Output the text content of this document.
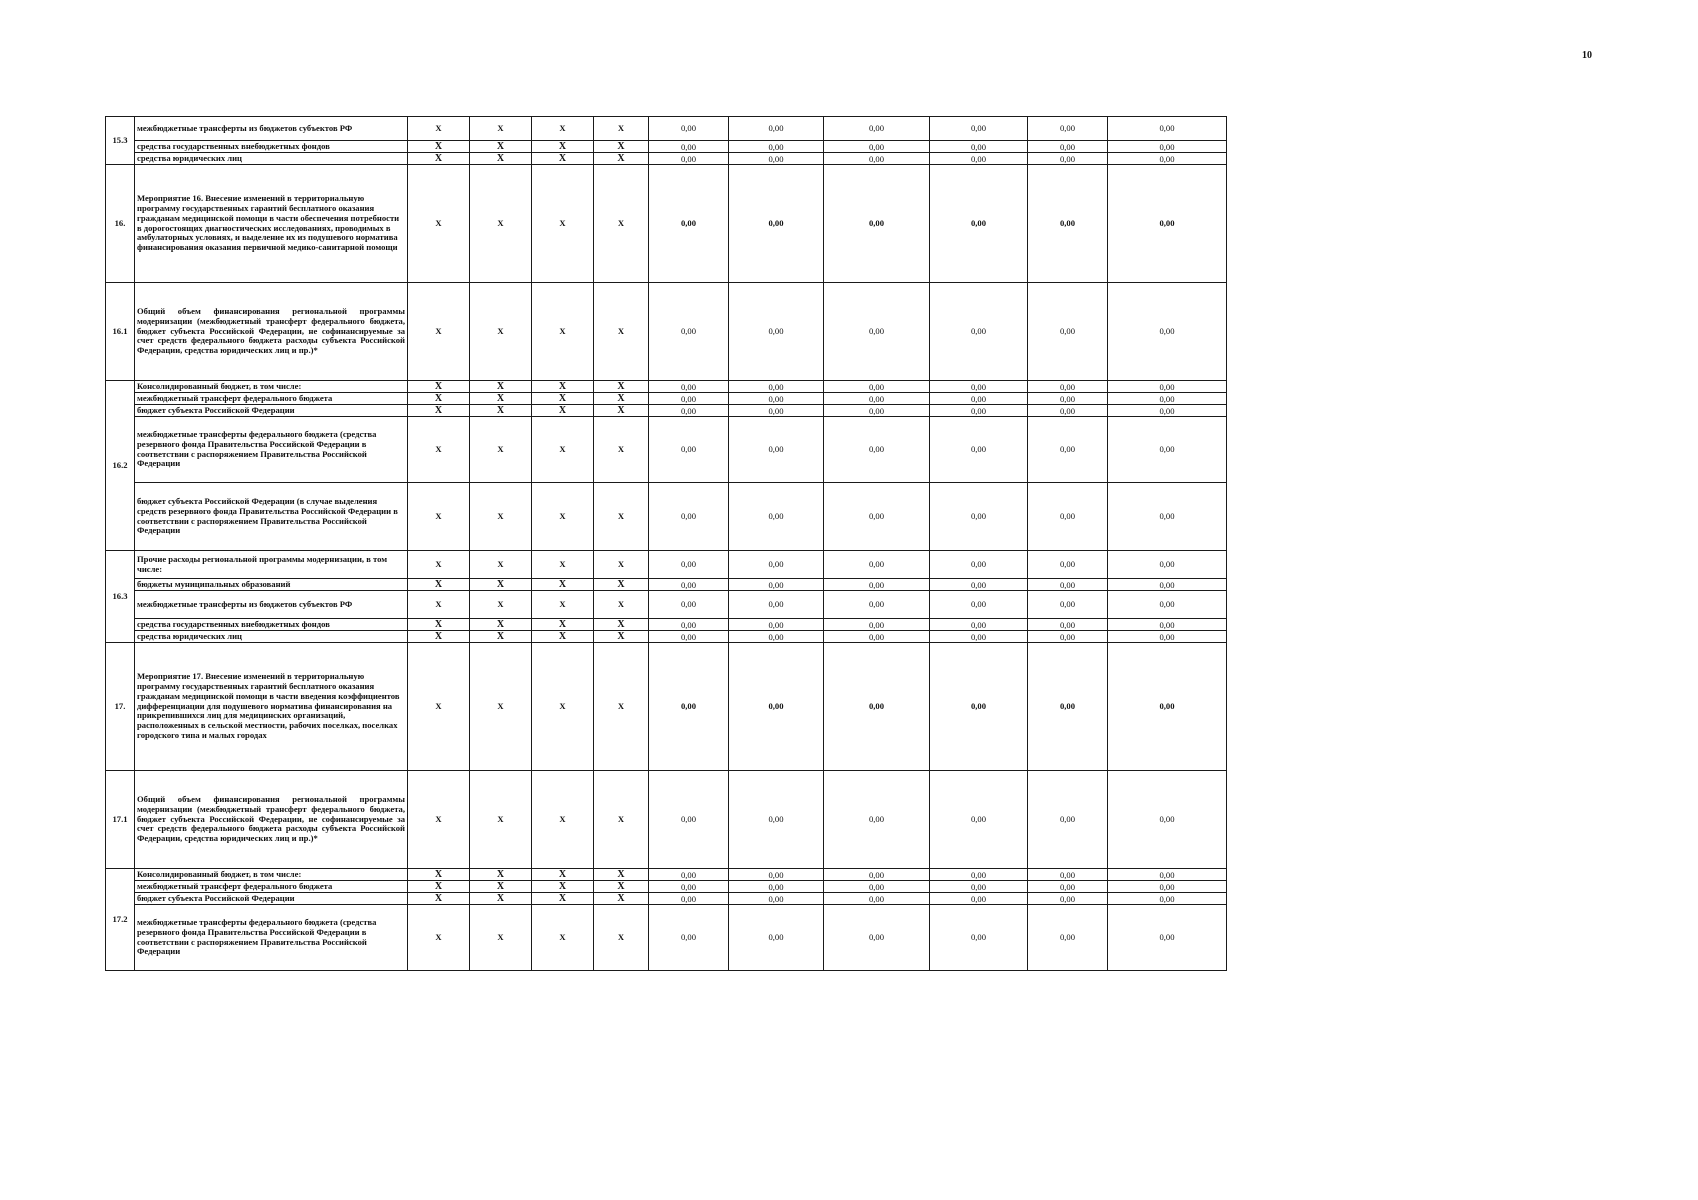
10
15.3	межбюджетные трансферты из бюджетов субъектов РФ	X	X	X	X	0,00	0,00	0,00	0,00	0,00	0,00	
	средства государственных внебюджетных фондов	X	X	X	X	0,00	0,00	0,00	0,00	0,00	0,00	
	средства юридических лиц	X	X	X	X	0,00	0,00	0,00	0,00	0,00	0,00	
16.	Мероприятие 16. Внесение изменений в территориальную программу государственных гарантий бесплатного оказания гражданам медицинской помощи в части обеспечения потребности в дорогостоящих диагностических исследованиях, проводимых в амбулаторных условиях, и выделение их из подушевого норматива финансирования оказания первичной медико-санитарной помощи	X	X	X	X	0,00	0,00	0,00	0,00	0,00	0,00	
16.1	Общий объем финансирования региональной программы модернизации (межбюджетный трансферт федерального бюджета, бюджет субъекта Российской Федерации, не софинансируемые за счет средств федерального бюджета расходы субъекта Российской Федерации, средства юридических лиц и пр.)*	X	X	X	X	0,00	0,00	0,00	0,00	0,00	0,00	
16.2	Консолидированный бюджет, в том числе:	X	X	X	X	0,00	0,00	0,00	0,00	0,00	0,00	
	межбюджетный трансферт федерального бюджета	X	X	X	X	0,00	0,00	0,00	0,00	0,00	0,00	
	бюджет субъекта Российской Федерации	X	X	X	X	0,00	0,00	0,00	0,00	0,00	0,00	
	межбюджетные трансферты федерального бюджета (средства резервного фонда Правительства Российской Федерации в соответствии с распоряжением Правительства Российской Федерации	X	X	X	X	0,00	0,00	0,00	0,00	0,00	0,00	
	бюджет субъекта Российской Федерации (в случае выделения средств резервного фонда Правительства Российской Федерации в соответствии с распоряжением Правительства Российской Федерации	X	X	X	X	0,00	0,00	0,00	0,00	0,00	0,00	
16.3	Прочие расходы региональной программы модернизации, в том числе:	X	X	X	X	0,00	0,00	0,00	0,00	0,00	0,00	
	бюджеты муниципальных образований	X	X	X	X	0,00	0,00	0,00	0,00	0,00	0,00	
	межбюджетные трансферты из бюджетов субъектов РФ	X	X	X	X	0,00	0,00	0,00	0,00	0,00	0,00	
	средства государственных внебюджетных фондов	X	X	X	X	0,00	0,00	0,00	0,00	0,00	0,00	
	средства юридических лиц	X	X	X	X	0,00	0,00	0,00	0,00	0,00	0,00	
17.	Мероприятие 17. Внесение изменений в территориальную программу государственных гарантий бесплатного оказания гражданам медицинской помощи в части введения коэффициентов дифференциации для подушевого норматива финансирования на прикрепившихся лиц для медицинских организаций, расположенных в сельской местности, рабочих поселках, поселках городского типа и малых городах	X	X	X	X	0,00	0,00	0,00	0,00	0,00	0,00	
17.1	Общий объем финансирования региональной программы модернизации (межбюджетный трансферт федерального бюджета, бюджет субъекта Российской Федерации, не софинансируемые за счет средств федерального бюджета расходы субъекта Российской Федерации, средства юридических лиц и пр.)*	X	X	X	X	0,00	0,00	0,00	0,00	0,00	0,00	
17.2	Консолидированный бюджет, в том числе:	X	X	X	X	0,00	0,00	0,00	0,00	0,00	0,00	
	межбюджетный трансферт федерального бюджета	X	X	X	X	0,00	0,00	0,00	0,00	0,00	0,00	
	бюджет субъекта Российской Федерации	X	X	X	X	0,00	0,00	0,00	0,00	0,00	0,00	
	межбюджетные трансферты федерального бюджета (средства резервного фонда Правительства Российской Федерации в соответствии с распоряжением Правительства Российской Федерации	X	X	X	X	0,00	0,00	0,00	0,00	0,00	0,00	
